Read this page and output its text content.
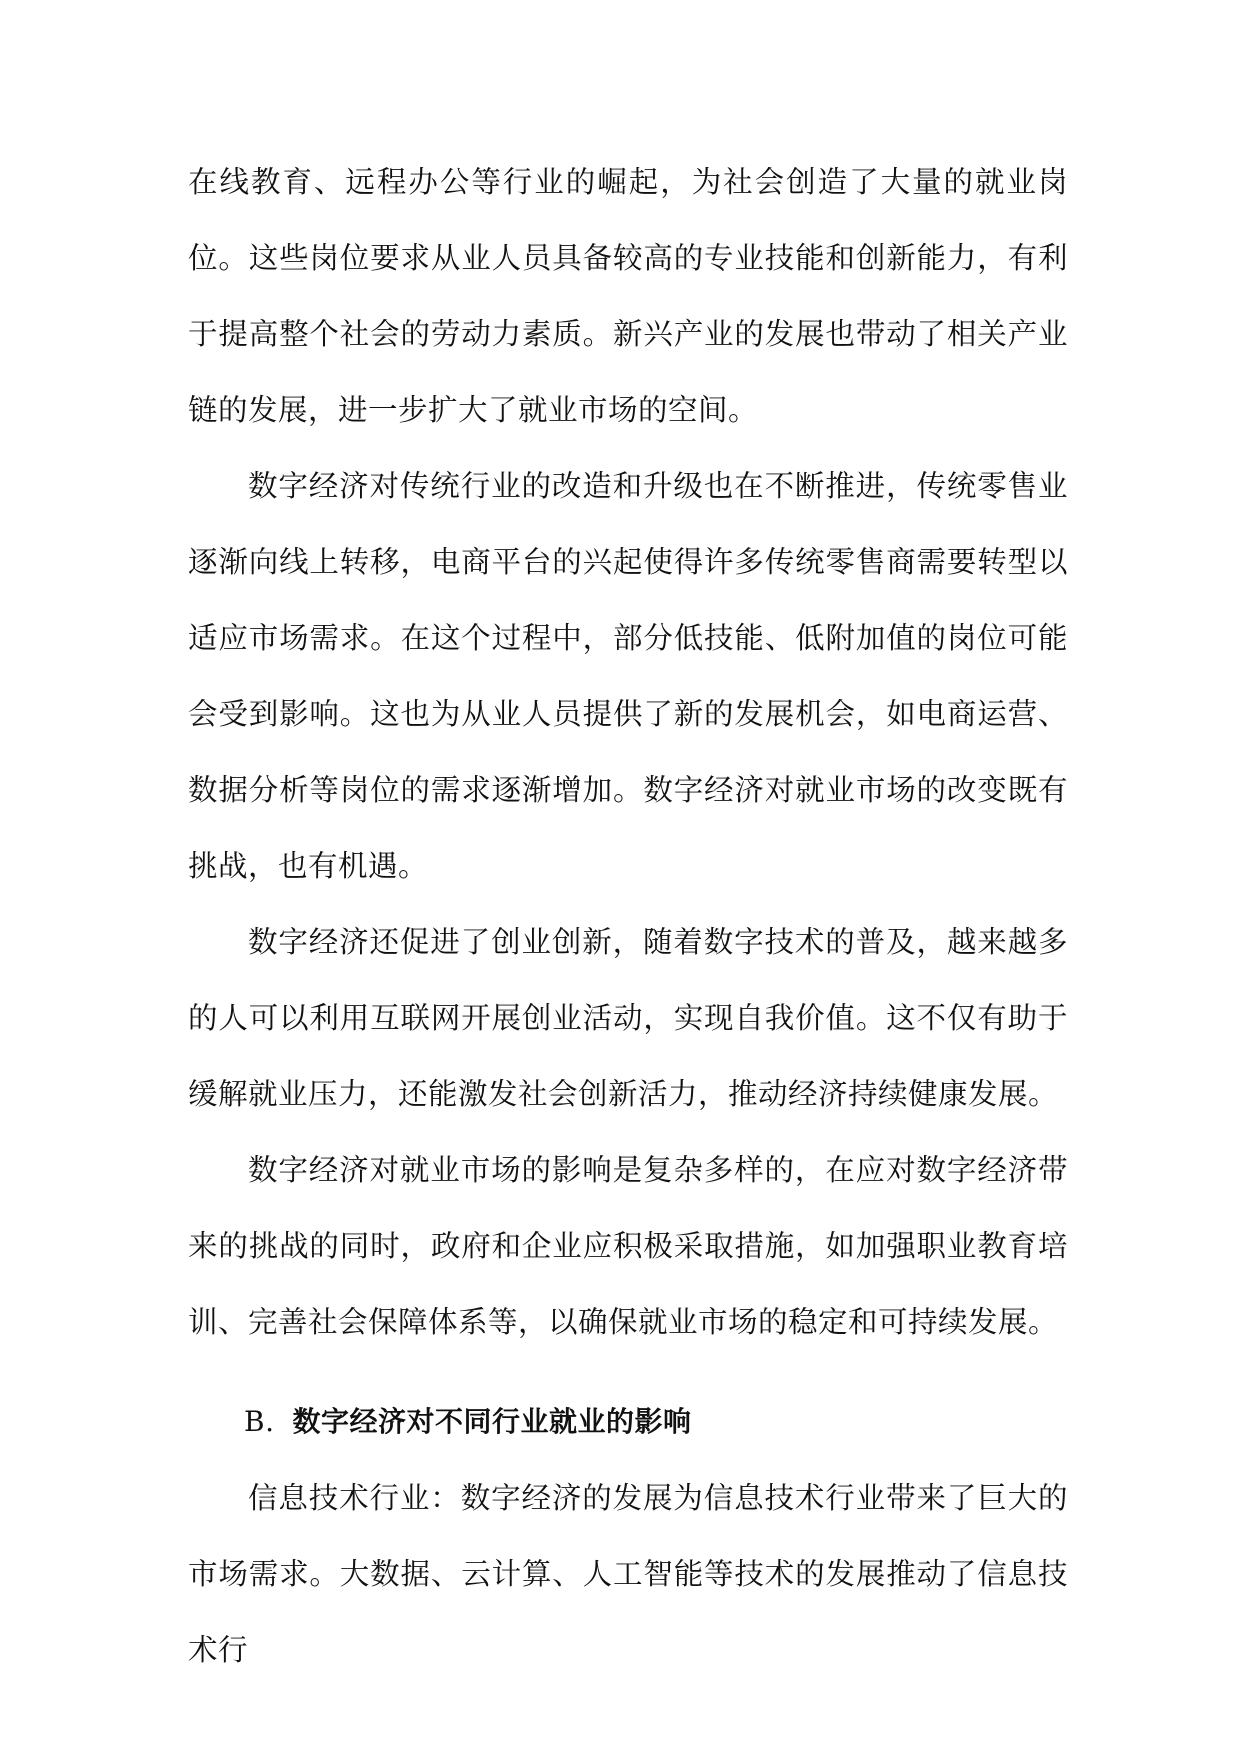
在线教育、远程办公等行业的崛起，为社会创造了大量的就业岗位。这些岗位要求从业人员具备较高的专业技能和创新能力，有利于提高整个社会的劳动力素质。新兴产业的发展也带动了相关产业链的发展，进一步扩大了就业市场的空间。

数字经济对传统行业的改造和升级也在不断推进，传统零售业逐渐向线上转移，电商平台的兴起使得许多传统零售商需要转型以适应市场需求。在这个过程中，部分低技能、低附加值的岗位可能会受到影响。这也为从业人员提供了新的发展机会，如电商运营、数据分析等岗位的需求逐渐增加。数字经济对就业市场的改变既有挑战，也有机遇。

数字经济还促进了创业创新，随着数字技术的普及，越来越多的人可以利用互联网开展创业活动，实现自我价值。这不仅有助于缓解就业压力，还能激发社会创新活力，推动经济持续健康发展。

数字经济对就业市场的影响是复杂多样的，在应对数字经济带来的挑战的同时，政府和企业应积极采取措施，如加强职业教育培训、完善社会保障体系等，以确保就业市场的稳定和可持续发展。

B. 数字经济对不同行业就业的影响

信息技术行业：数字经济的发展为信息技术行业带来了巨大的市场需求。大数据、云计算、人工智能等技术的发展推动了信息技术行
